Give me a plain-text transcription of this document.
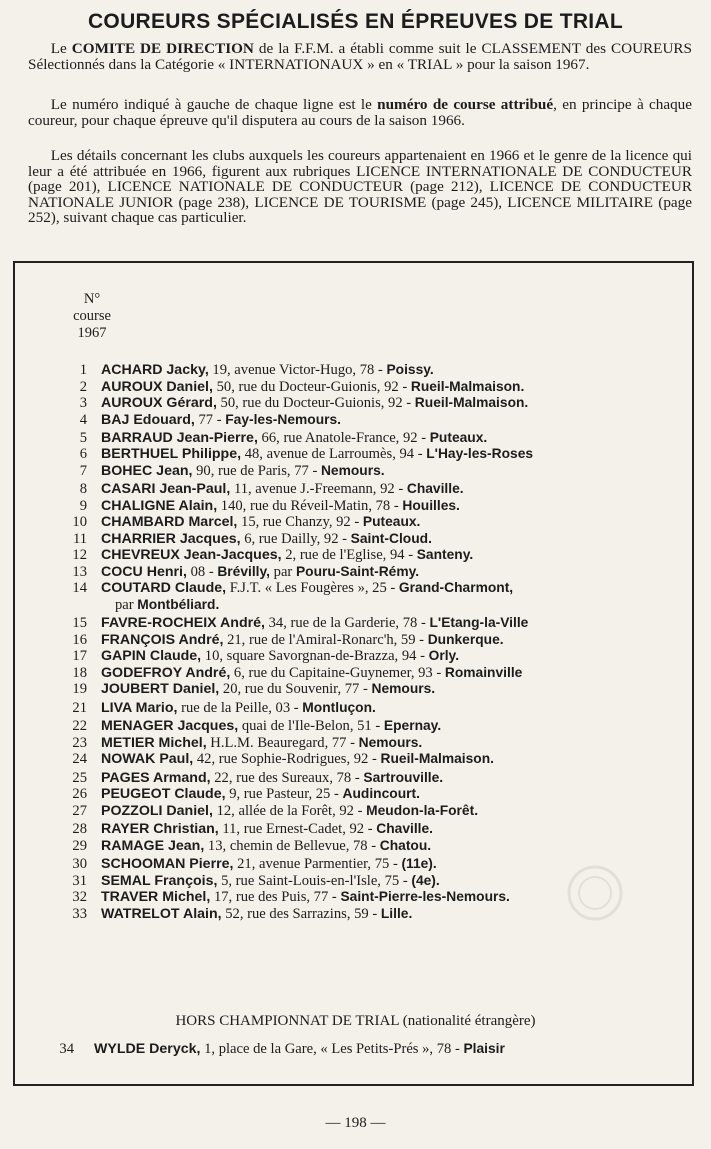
COUREURS SPÉCIALISÉS EN ÉPREUVES DE TRIAL

  Le COMITE DE DIRECTION de la F.F.M. a établi comme suit le CLASSEMENT des COUREURS Sélectionnés dans la Catégorie « INTERNATIONAUX » en « TRIAL » pour la saison 1967.

  Le numéro indiqué à gauche de chaque ligne est le numéro de course attribué, en principe à chaque coureur, pour chaque épreuve qu'il disputera au cours de la saison 1966.

  Les détails concernant les clubs auxquels les coureurs appartenaient en 1966 et le genre de la licence qui leur a été attribuée en 1966, figurent aux rubriques LICENCE INTERNATIONALE DE CONDUCTEUR (page 201), LICENCE NATIONALE DE CONDUCTEUR (page 212), LICENCE DE CONDUCTEUR NATIONALE JUNIOR (page 238), LICENCE DE TOURISME (page 245), LICENCE MILITAIRE (page 252), suivant chaque cas particulier.

N°
course
1967
1 ACHARD Jacky, 19, avenue Victor-Hugo, 78 - Poissy.
2 AUROUX Daniel, 50, rue du Docteur-Guionis, 92 - Rueil-Malmaison.
3 AUROUX Gérard, 50, rue du Docteur-Guionis, 92 - Rueil-Malmaison.
4 BAJ Edouard, 77 - Fay-les-Nemours.
5 BARRAUD Jean-Pierre, 66, rue Anatole-France, 92 - Puteaux.
6 BERTHUEL Philippe, 48, avenue de Larroumès, 94 - L'Hay-les-Roses
7 BOHEC Jean, 90, rue de Paris, 77 - Nemours.
8 CASARI Jean-Paul, 11, avenue J.-Freemann, 92 - Chaville.
9 CHALIGNE Alain, 140, rue du Réveil-Matin, 78 - Houilles.
10 CHAMBARD Marcel, 15, rue Chanzy, 92 - Puteaux.
11 CHARRIER Jacques, 6, rue Dailly, 92 - Saint-Cloud.
12 CHEVREUX Jean-Jacques, 2, rue de l'Eglise, 94 - Santeny.
13 COCU Henri, 08 - Brévilly, par Pouru-Saint-Rémy.
14 COUTARD Claude, F.J.T. « Les Fougères », 25 - Grand-Charmont,
par Montbéliard.
15 FAVRE-ROCHEIX André, 34, rue de la Garderie, 78 - L'Etang-la-Ville
16 FRANÇOIS André, 21, rue de l'Amiral-Ronarc'h, 59 - Dunkerque.
17 GAPIN Claude, 10, square Savorgnan-de-Brazza, 94 - Orly.
18 GODEFROY André, 6, rue du Capitaine-Guynemer, 93 - Romainville
19 JOUBERT Daniel, 20, rue du Souvenir, 77 - Nemours.
21 LIVA Mario, rue de la Peille, 03 - Montluçon.
22 MENAGER Jacques, quai de l'Ile-Belon, 51 - Epernay.
23 METIER Michel, H.L.M. Beauregard, 77 - Nemours.
24 NOWAK Paul, 42, rue Sophie-Rodrigues, 92 - Rueil-Malmaison.
25 PAGES Armand, 22, rue des Sureaux, 78 - Sartrouville.
26 PEUGEOT Claude, 9, rue Pasteur, 25 - Audincourt.
27 POZZOLI Daniel, 12, allée de la Forêt, 92 - Meudon-la-Forêt.
28 RAYER Christian, 11, rue Ernest-Cadet, 92 - Chaville.
29 RAMAGE Jean, 13, chemin de Bellevue, 78 - Chatou.
30 SCHOOMAN Pierre, 21, avenue Parmentier, 75 - (11e).
31 SEMAL François, 5, rue Saint-Louis-en-l'Isle, 75 - (4e).
32 TRAVER Michel, 17, rue des Puis, 77 - Saint-Pierre-les-Nemours.
33 WATRELOT Alain, 52, rue des Sarrazins, 59 - Lille.
HORS CHAMPIONNAT DE TRIAL (nationalité étrangère)
34 WYLDE Deryck, 1, place de la Gare, « Les Petits-Prés », 78 - Plaisir
— 198 —
